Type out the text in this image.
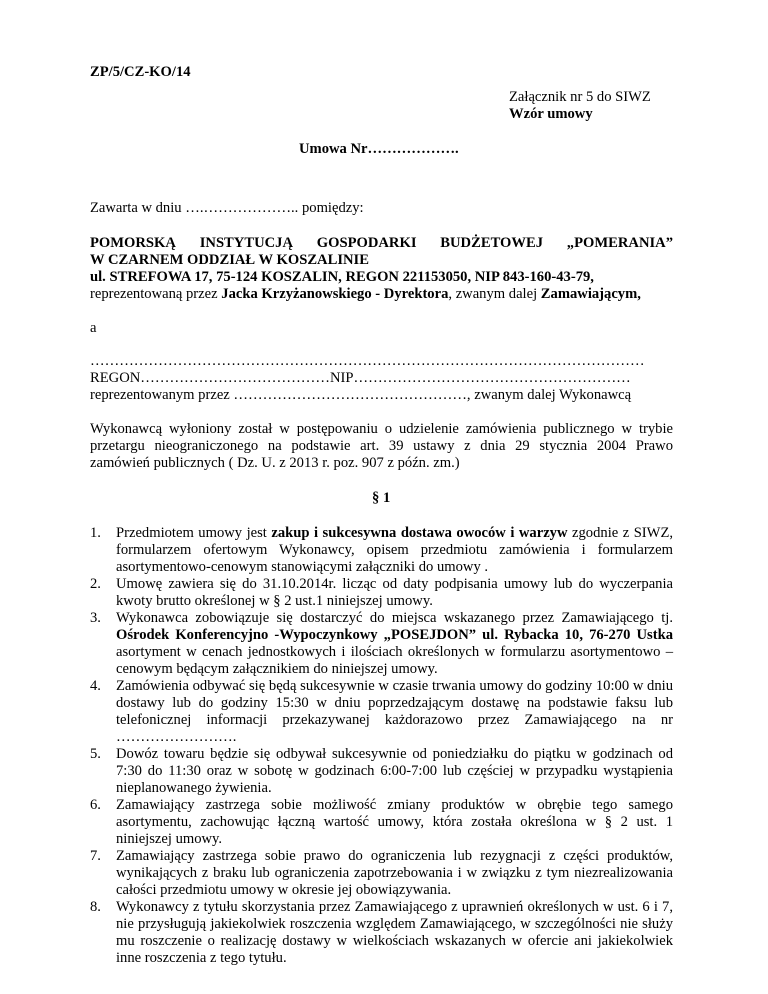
ZP/5/CZ-KO/14
Załącznik nr 5 do SIWZ
Wzór umowy
Umowa Nr……………….
Zawarta w dniu ….……………….. pomiędzy:
POMORSKĄ INSTYTUCJĄ GOSPODARKI BUDŻETOWEJ „POMERANIA”
W CZARNEM ODDZIAŁ W KOSZALINIE
ul. STREFOWA 17, 75-124 KOSZALIN, REGON 221153050, NIP 843-160-43-79,
reprezentowaną przez Jacka Krzyżanowskiego - Dyrektora, zwanym dalej Zamawiającym,
a
……………………………………………………………………………………………………
REGON…………………………………NIP…………………………………………………
reprezentowanym przez …………………………………………, zwanym dalej Wykonawcą
Wykonawcą wyłoniony został w postępowaniu o udzielenie zamówienia publicznego w trybie
przetargu nieograniczonego na podstawie art. 39 ustawy z dnia 29 stycznia 2004 Prawo
zamówień publicznych ( Dz. U. z 2013 r. poz. 907 z późn. zm.)
§ 1
1. Przedmiotem umowy jest zakup i sukcesywna dostawa owoców i warzyw zgodnie z SIWZ, formularzem ofertowym Wykonawcy, opisem przedmiotu zamówienia i formularzem asortymentowo-cenowym stanowiącymi załączniki do umowy .
2. Umowę zawiera się do 31.10.2014r. licząc od daty podpisania umowy lub do wyczerpania kwoty brutto określonej w § 2 ust.1 niniejszej umowy.
3. Wykonawca zobowiązuje się dostarczyć do miejsca wskazanego przez Zamawiającego tj. Ośrodek Konferencyjno -Wypoczynkowy „POSEJDON” ul. Rybacka 10, 76-270 Ustka asortyment w cenach jednostkowych i ilościach określonych w formularzu asortymentowo –cenowym będącym załącznikiem do niniejszej umowy.
4. Zamówienia odbywać się będą sukcesywnie w czasie trwania umowy do godziny 10:00 w dniu dostawy lub do godziny 15:30 w dniu poprzedzającym dostawę na podstawie faksu lub telefonicznej informacji przekazywanej każdorazowo przez Zamawiającego na nr …………………….
5. Dowóz towaru będzie się odbywał sukcesywnie od poniedziałku do piątku w godzinach od 7:30 do 11:30 oraz w sobotę w godzinach 6:00-7:00 lub częściej w przypadku wystąpienia nieplanowanego żywienia.
6. Zamawiający zastrzega sobie możliwość zmiany produktów w obrębie tego samego asortymentu, zachowując łączną wartość umowy, która została określona w § 2 ust. 1 niniejszej umowy.
7. Zamawiający zastrzega sobie prawo do ograniczenia lub rezygnacji z części produktów, wynikających z braku lub ograniczenia zapotrzebowania i w związku z tym niezrealizowania całości przedmiotu umowy w okresie jej obowiązywania.
8. Wykonawcy z tytułu skorzystania przez Zamawiającego z uprawnień określonych w ust. 6 i 7, nie przysługują jakiekolwiek roszczenia względem Zamawiającego, w szczególności nie służy mu roszczenie o realizację dostawy w wielkościach wskazanych w ofercie ani jakiekolwiek inne roszczenia z tego tytułu.
